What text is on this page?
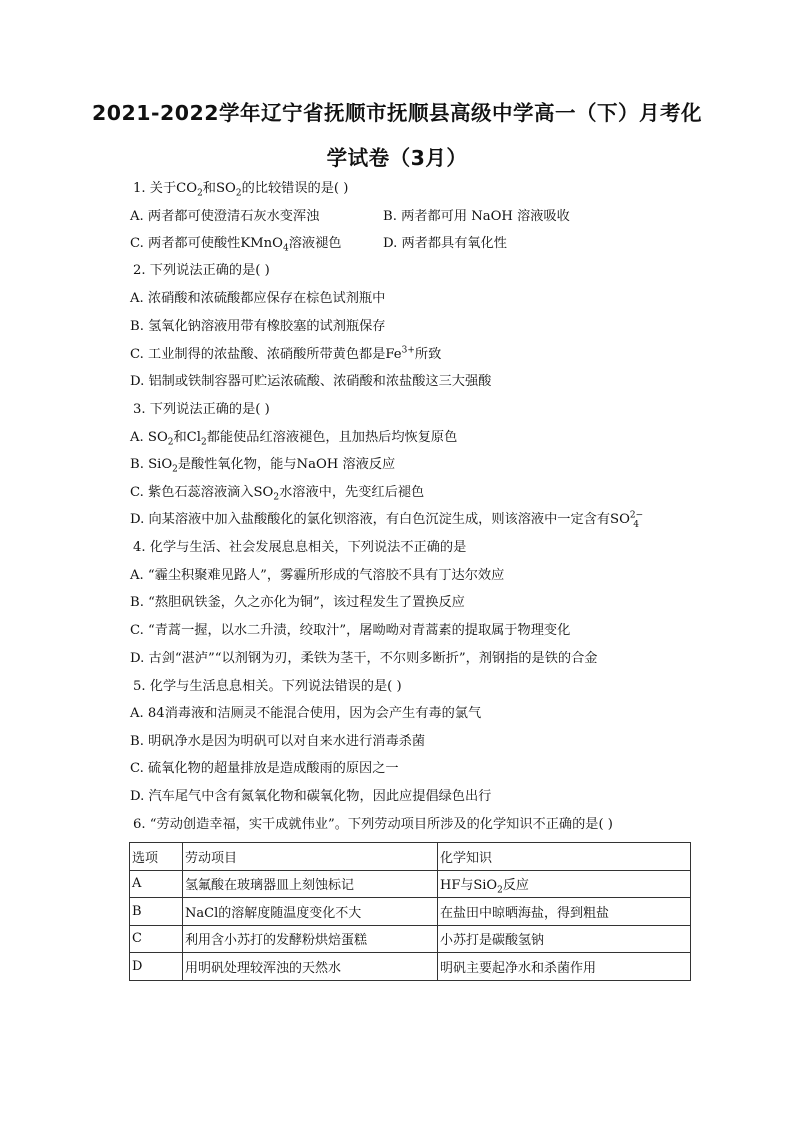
2021-2022学年辽宁省抚顺市抚顺县高级中学高一（下）月考化
学试卷（3月）
1. 关于$CO_2$和$SO_2$的比较错误的是( )
A. 两者都可使澄清石灰水变浑浊	B. 两者都可用 NaOH 溶液吸收
C. 两者都可使酸性KMnO$_4$溶液褪色	D. 两者都具有氧化性
2. 下列说法正确的是( )
A. 浓硝酸和浓硫酸都应保存在棕色试剂瓶中
B. 氢氧化钠溶液用带有橡胶塞的试剂瓶保存
C. 工业制得的浓盐酸、浓硝酸所带黄色都是$Fe^{3+}$所致
D. 铝制或铁制容器可贮运浓硫酸、浓硝酸和浓盐酸这三大强酸
3. 下列说法正确的是( )
A. $SO_2$和$Cl_2$都能使品红溶液褪色，且加热后均恢复原色
B. SiO$_2$是酸性氧化物，能与NaOH 溶液反应
C. 紫色石蕊溶液滴入$SO_2$水溶液中，先变红后褪色
D. 向某溶液中加入盐酸酸化的氯化钡溶液，有白色沉淀生成，则该溶液中一定含有$SO^{2-}_4$
4. 化学与生活、社会发展息息相关，下列说法不正确的是
A. “霾尘积聚难见路人”，雾霾所形成的气溶胶不具有丁达尔效应
B. “熬胆矾铁釜，久之亦化为铜”，该过程发生了置换反应
C. “青蒿一握，以水二升渍，绞取汁”，屠呦呦对青蒿素的提取属于物理变化
D. 古剑“湛泸”“以剂钢为刃，柔铁为茎干，不尔则多断折”，剂钢指的是铁的合金
5. 化学与生活息息相关。下列说法错误的是( )
A. 84消毒液和洁厕灵不能混合使用，因为会产生有毒的氯气
B. 明矾净水是因为明矾可以对自来水进行消毒杀菌
C. 硫氧化物的超量排放是造成酸雨的原因之一
D. 汽车尾气中含有氮氧化物和碳氧化物，因此应提倡绿色出行
6. “劳动创造幸福，实干成就伟业”。下列劳动项目所涉及的化学知识不正确的是( )
选项	劳动项目	化学知识
A	氢氟酸在玻璃器皿上刻蚀标记	HF与SiO$_2$反应
B	NaCl的溶解度随温度变化不大	在盐田中晾晒海盐，得到粗盐
C	利用含小苏打的发酵粉烘焙蛋糕	小苏打是碳酸氢钠
D	用明矾处理较浑浊的天然水	明矾主要起净水和杀菌作用
